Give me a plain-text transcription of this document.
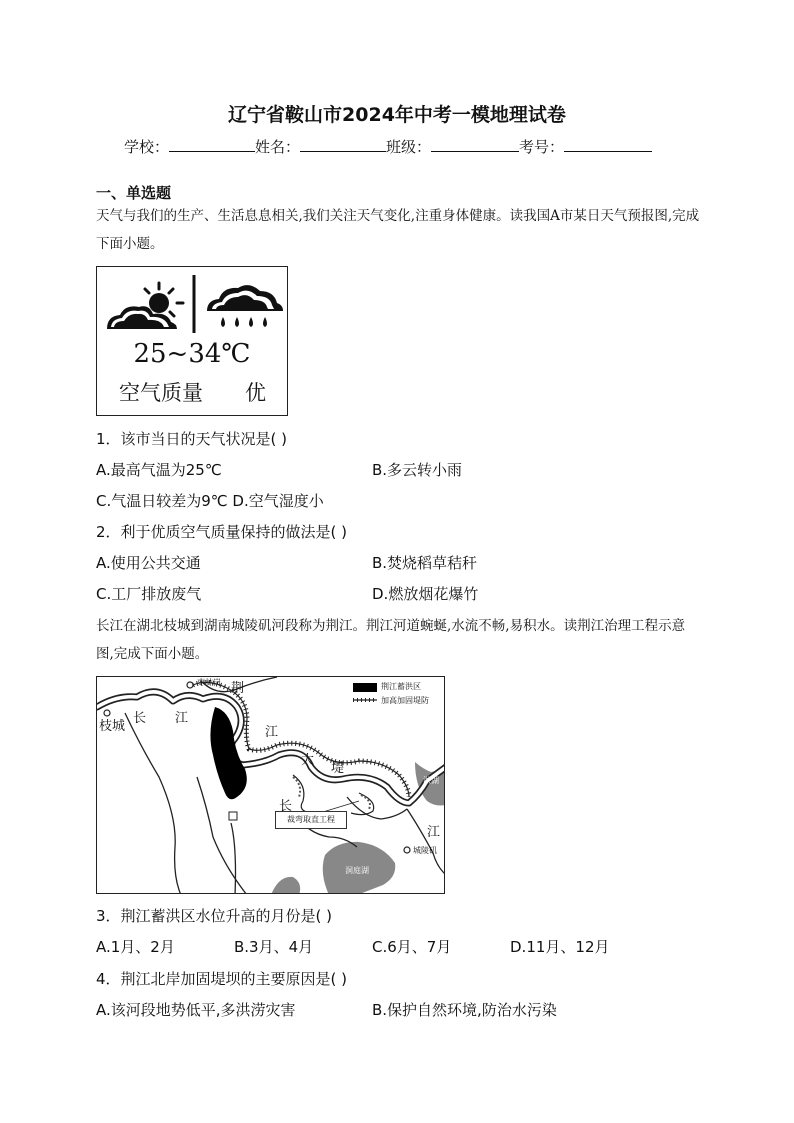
辽宁省鞍山市2024年中考一模地理试卷
学校：	姓名：	班级：	考号：
一、单选题
天气与我们的生产、生活息息相关,我们关注天气变化,注重身体健康。读我国A市某日天气预报图,完成下面小题。
25~34℃
空气质量 优
1．该市当日的天气状况是( )
A.最高气温为25℃	B.多云转小雨
C.气温日较差为9℃ D.空气湿度小
2．利于优质空气质量保持的做法是( )
A.使用公共交通	B.焚烧稻草秸秆
C.工厂排放废气	D.燃放烟花爆竹
长江在湖北枝城到湖南城陵矶河段称为荆江。荆江河道蜿蜒,水流不畅,易积水。读荆江治理工程示意图,完成下面小题。
荆江蓄洪区
加高加固堤防
枣林岗
枝城
城陵矶
洪湖
洞庭湖
裁弯取直工程
荆
江
大
堤
长 江
长
江
3．荆江蓄洪区水位升高的月份是( )
A.1月、2月	B.3月、4月	C.6月、7月	D.11月、12月
4．荆江北岸加固堤坝的主要原因是( )
A.该河段地势低平,多洪涝灾害	B.保护自然环境,防治水污染
